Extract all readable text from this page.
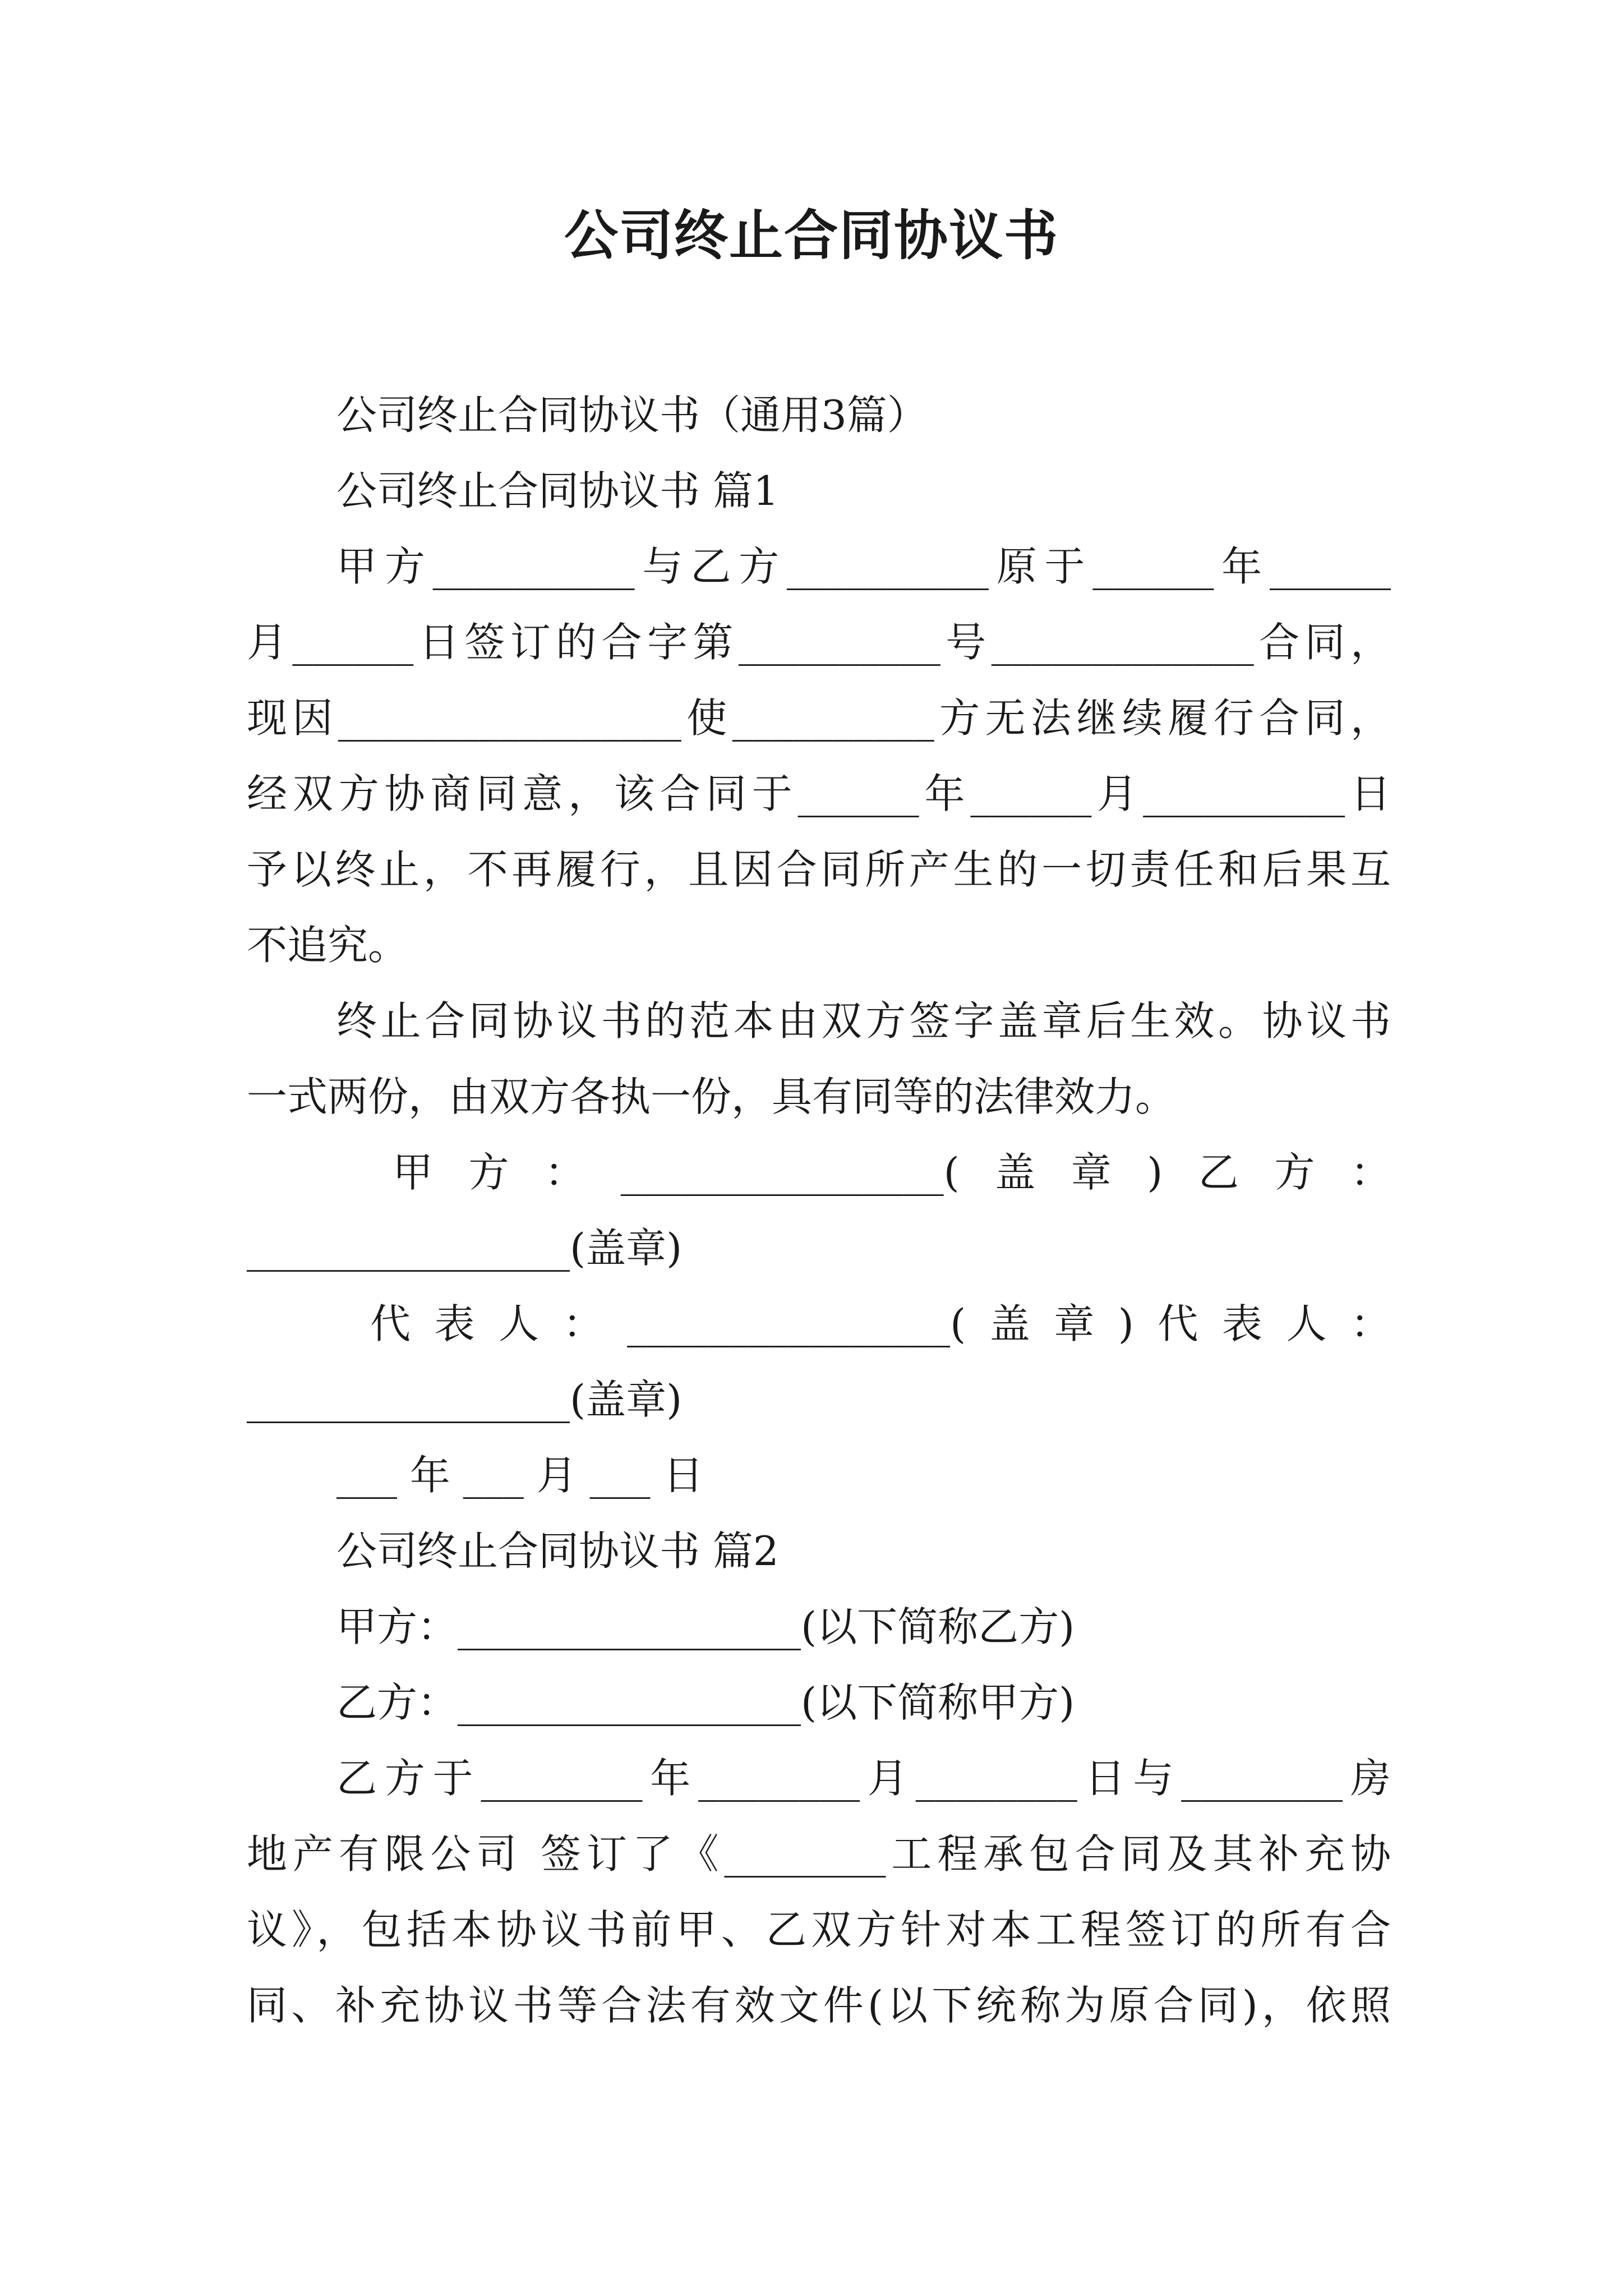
公司终止合同协议书
公司终止合同协议书（通用3篇）
公司终止合同协议书 篇1
甲方__________与乙方__________原于______年______
月______日签订的合字第__________号_____________合同，
现因_________________使__________方无法继续履行合同，
经双方协商同意，该合同于______年______月__________日
予以终止，不再履行，且因合同所产生的一切责任和后果互
不追究。
终止合同协议书的范本由双方签字盖章后生效。协议书
一式两份，由双方各执一份，具有同等的法律效力。
甲方：________________(盖章)乙方：
________________(盖章)
代表人：________________(盖章)代表人：
________________(盖章)
___ 年 ___ 月 ___ 日
公司终止合同协议书 篇2
甲方：_________________(以下简称乙方)
乙方：_________________(以下简称甲方)
乙方于________年________月________日与________房
地产有限公司 签订了《________工程承包合同及其补充协
议》，包括本协议书前甲、乙双方针对本工程签订的所有合
同、补充协议书等合法有效文件(以下统称为原合同)，依照
